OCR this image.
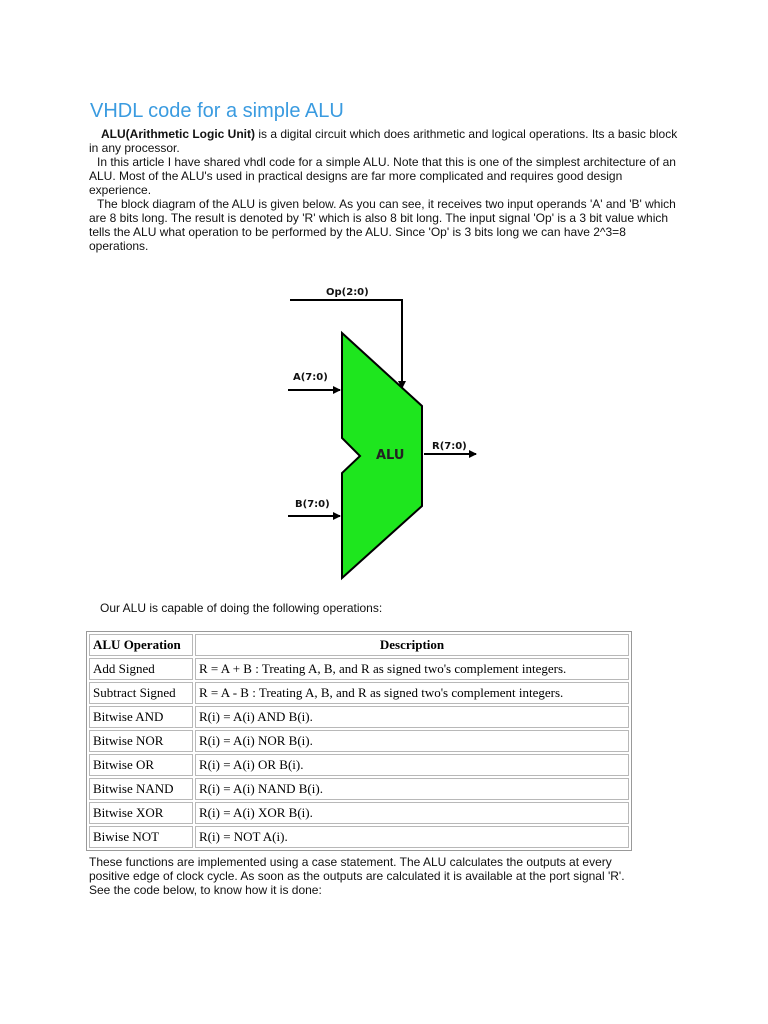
VHDL code for a simple ALU

ALU(Arithmetic Logic Unit) is a digital circuit which does arithmetic and logical operations. Its a basic block in any processor.

In this article I have shared vhdl code for a simple ALU. Note that this is one of the simplest architecture of an ALU. Most of the ALU's used in practical designs are far more complicated and requires good design experience.

The block diagram of the ALU is given below. As you can see, it receives two input operands 'A' and 'B' which are 8 bits long. The result is denoted by 'R' which is also 8 bit long. The input signal 'Op' is a 3 bit value which tells the ALU what operation to be performed by the ALU. Since 'Op' is 3 bits long we can have 2^3=8 operations.

Op(2:0)
A(7:0)
B(7:0)
R(7:0)
ALU

Our ALU is capable of doing the following operations:

ALU Operation	Description
Add Signed	R = A + B : Treating A, B, and R as signed two's complement integers.
Subtract Signed	R = A - B : Treating A, B, and R as signed two's complement integers.
Bitwise AND	R(i) = A(i) AND B(i).
Bitwise NOR	R(i) = A(i) NOR B(i).
Bitwise OR	R(i) = A(i) OR B(i).
Bitwise NAND	R(i) = A(i) NAND B(i).
Bitwise XOR	R(i) = A(i) XOR B(i).
Biwise NOT	R(i) = NOT A(i).

These functions are implemented using a case statement. The ALU calculates the outputs at every positive edge of clock cycle. As soon as the outputs are calculated it is available at the port signal 'R'. See the code below, to know how it is done:
